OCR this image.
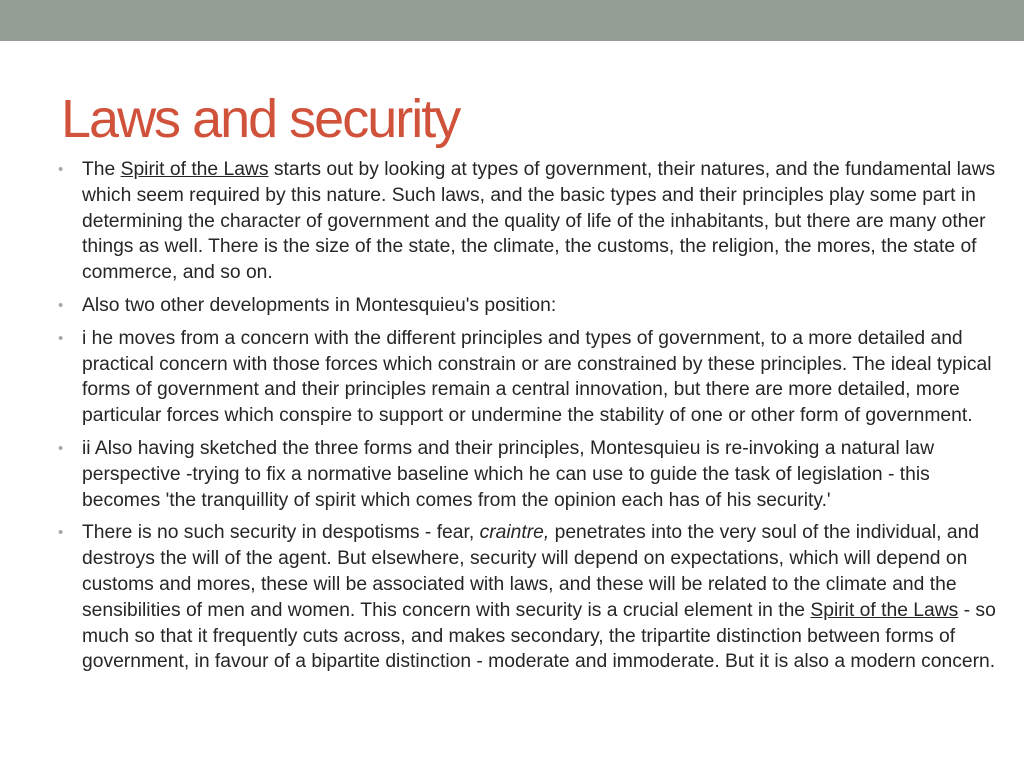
Laws and security
• The Spirit of the Laws starts out by looking at types of government, their natures, and the fundamental laws which seem required by this nature. Such laws, and the basic types and their principles play some part in determining the character of government and the quality of life of the inhabitants, but there are many other things as well. There is the size of the state, the climate, the customs, the religion, the mores, the state of commerce, and so on.
• Also two other developments in Montesquieu's position:
• i he moves from a concern with the different principles and types of government, to a more detailed and practical concern with those forces which constrain or are constrained by these principles. The ideal typical forms of government and their principles remain a central innovation, but there are more detailed, more particular forces which conspire to support or undermine the stability of one or other form of government.
• ii Also having sketched the three forms and their principles, Montesquieu is re-invoking a natural law perspective -trying to fix a normative baseline which he can use to guide the task of legislation - this becomes 'the tranquillity of spirit which comes from the opinion each has of his security.'
• There is no such security in despotisms - fear, craintre, penetrates into the very soul of the individual, and destroys the will of the agent. But elsewhere, security will depend on expectations, which will depend on customs and mores, these will be associated with laws, and these will be related to the climate and the sensibilities of men and women. This concern with security is a crucial element in the Spirit of the Laws - so much so that it frequently cuts across, and makes secondary, the tripartite distinction between forms of government, in favour of a bipartite distinction - moderate and immoderate. But it is also a modern concern.
